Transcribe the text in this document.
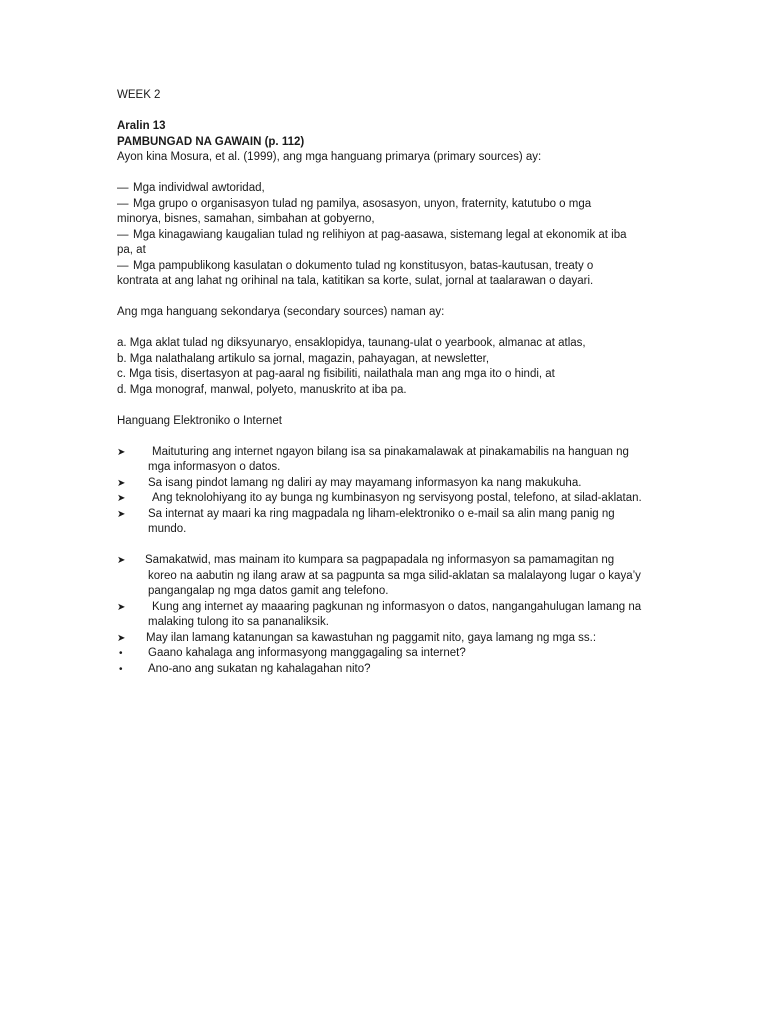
WEEK 2
Aralin 13
PAMBUNGAD NA GAWAIN (p. 112)
Ayon kina Mosura, et al. (1999), ang mga hanguang primarya (primary sources) ay:
— Mga individwal awtoridad,
— Mga grupo o organisasyon tulad ng pamilya, asosasyon, unyon, fraternity, katutubo o mga
minorya, bisnes, samahan, simbahan at gobyerno,
— Mga kinagawiang kaugalian tulad ng relihiyon at pag-aasawa, sistemang legal at ekonomik at iba
pa, at
— Mga pampublikong kasulatan o dokumento tulad ng konstitusyon, batas-kautusan, treaty o
kontrata at ang lahat ng orihinal na tala, katitikan sa korte, sulat, jornal at taalarawan o dayari.
Ang mga hanguang sekondarya (secondary sources) naman ay:
a. Mga aklat tulad ng diksyunaryo, ensaklopidya, taunang-ulat o yearbook, almanac at atlas,
b. Mga nalathalang artikulo sa jornal, magazin, pahayagan, at newsletter,
c. Mga tisis, disertasyon at pag-aaral ng fisibiliti, nailathala man ang mga ito o hindi, at
d. Mga monograf, manwal, polyeto, manuskrito at iba pa.
Hanguang Elektroniko o Internet
➤	Maituturing ang internet ngayon bilang isa sa pinakamalawak at pinakamabilis na hanguan ng
mga informasyon o datos.
➤	Sa isang pindot lamang ng daliri ay may mayamang informasyon ka nang makukuha.
➤	Ang teknolohiyang ito ay bunga ng kumbinasyon ng servisyong postal, telefono, at silad-aklatan.
➤	Sa internat ay maari ka ring magpadala ng liham-elektroniko o e-mail sa alin mang panig ng
mundo.
➤	Samakatwid, mas mainam ito kumpara sa pagpapadala ng informasyon sa pamamagitan ng
koreo na aabutin ng ilang araw at sa pagpunta sa mga silid-aklatan sa malalayong lugar o kaya’y
pangangalap ng mga datos gamit ang telefono.
➤	Kung ang internet ay maaaring pagkunan ng informasyon o datos, nangangahulugan lamang na
malaking tulong ito sa pananaliksik.
➤	May ilan lamang katanungan sa kawastuhan ng paggamit nito, gaya lamang ng mga ss.:
•	Gaano kahalaga ang informasyong manggagaling sa internet?
•	Ano-ano ang sukatan ng kahalagahan nito?
